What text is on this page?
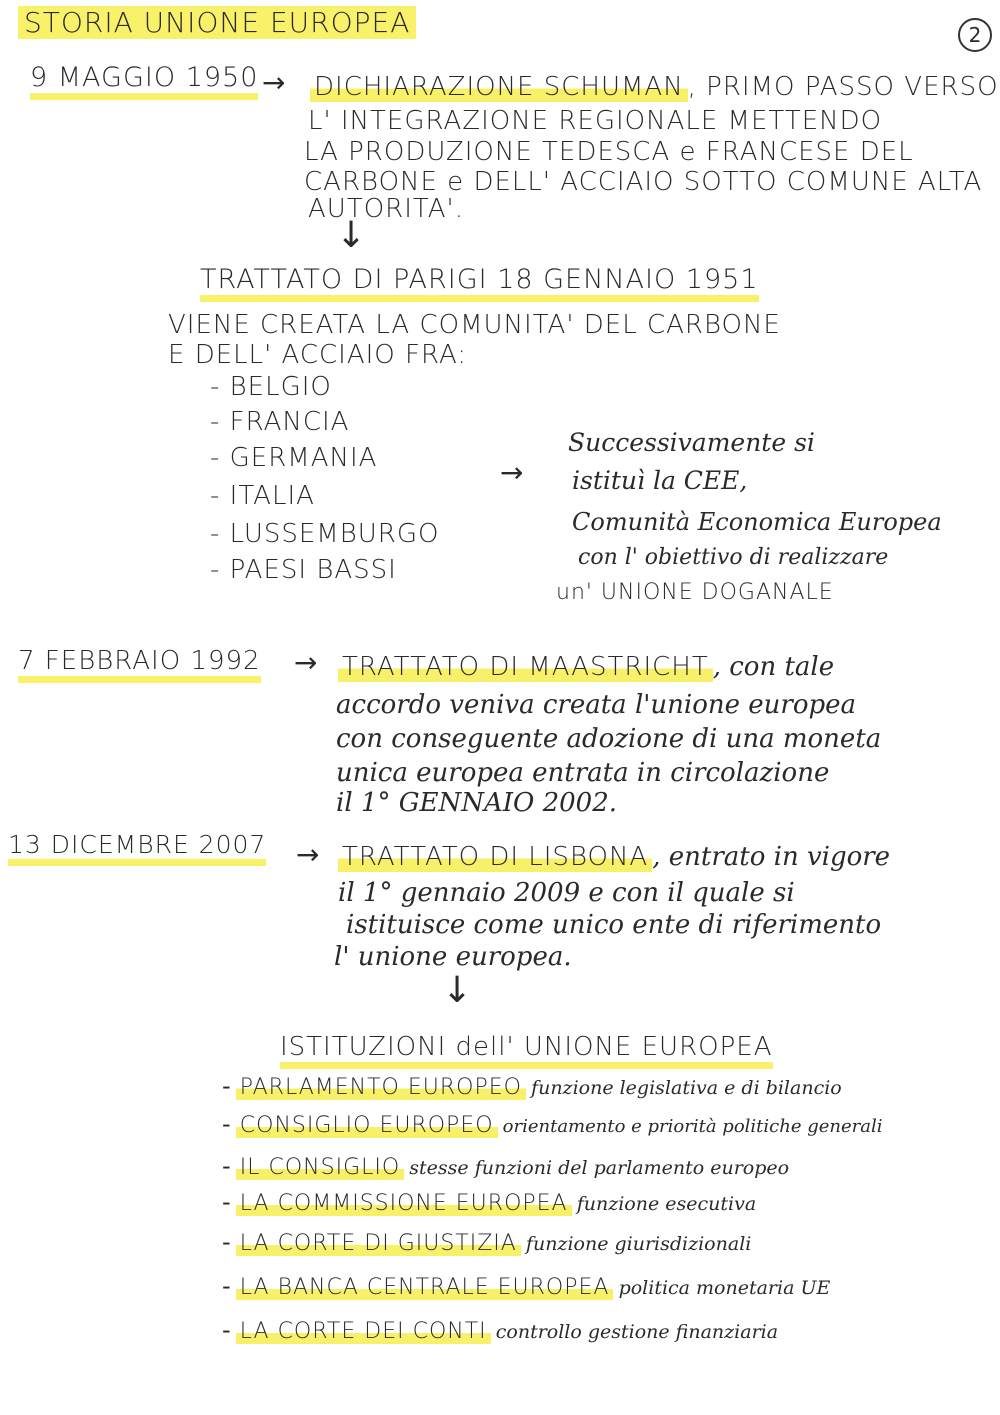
STORIA UNIONE EUROPEA	2
9 MAGGIO 1950 → DICHIARAZIONE SCHUMAN , PRIMO PASSO VERSO
L' INTEGRAZIONE REGIONALE METTENDO
LA PRODUZIONE TEDESCA e FRANCESE DEL
CARBONE e DELL' ACCIAIO SOTTO COMUNE ALTA
AUTORITA'.
↓
TRATTATO DI PARIGI 18 GENNAIO 1951
VIENE CREATA LA COMUNITA' DEL CARBONE
E DELL' ACCIAIO FRA:
- BELGIO
- FRANCIA
- GERMANIA
- ITALIA
- LUSSEMBURGO
- PAESI BASSI
→
Successivamente si
istituì la CEE,
Comunità Economica Europea
con l' obiettivo di realizzare
un' UNIONE DOGANALE
7 FEBBRAIO 1992 → TRATTATO DI MAASTRICHT , con tale
accordo veniva creata l'unione europea
con conseguente adozione di una moneta
unica europea entrata in circolazione
il 1° GENNAIO 2002.
13 DICEMBRE 2007 → TRATTATO DI LISBONA , entrato in vigore
il 1° gennaio 2009 e con il quale si
istituisce come unico ente di riferimento
l' unione europea.
↓
ISTITUZIONI dell' UNIONE EUROPEA
- PARLAMENTO EUROPEO funzione legislativa e di bilancio
- CONSIGLIO EUROPEO orientamento e priorità politiche generali
- IL CONSIGLIO stesse funzioni del parlamento europeo
- LA COMMISSIONE EUROPEA funzione esecutiva
- LA CORTE DI GIUSTIZIA funzione giurisdizionali
- LA BANCA CENTRALE EUROPEA politica monetaria UE
- LA CORTE DEI CONTI controllo gestione finanziaria
